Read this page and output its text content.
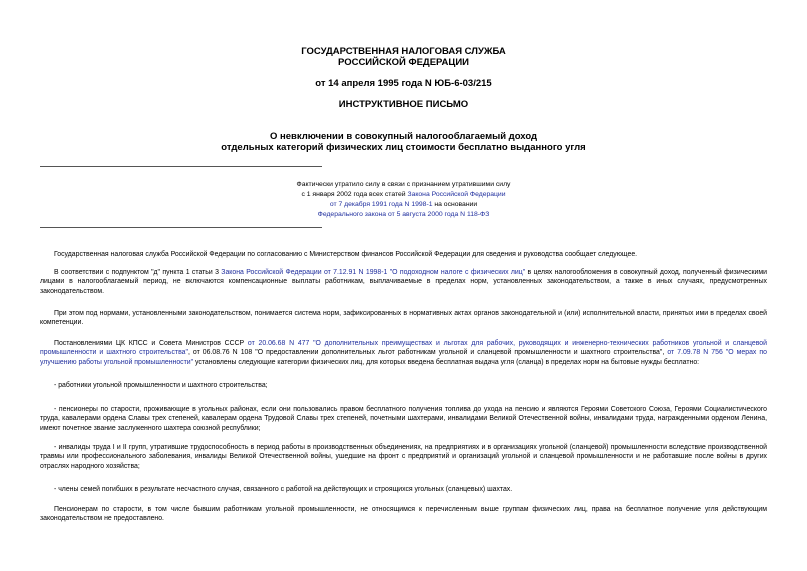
ГОСУДАРСТВЕННАЯ НАЛОГОВАЯ СЛУЖБА
РОССИЙСКОЙ ФЕДЕРАЦИИ
от 14 апреля 1995 года N ЮБ-6-03/215
ИНСТРУКТИВНОЕ ПИСЬМО
О невключении в совокупный налогооблагаемый доход
отдельных категорий физических лиц стоимости бесплатно выданного угля
Фактически утратило силу в связи с признанием утратившими силу
с 1 января 2002 года всех статей Закона Российской Федерации
от 7 декабря 1991 года N 1998-1 на основании
Федерального закона от 5 августа 2000 года N 118-ФЗ

Государственная налоговая служба Российской Федерации по согласованию с Министерством финансов Российской Федерации для сведения и руководства сообщает следующее.

В соответствии с подпунктом "д" пункта 1 статьи 3 Закона Российской Федерации от 7.12.91 N 1998-1 "О подоходном налоге с физических лиц" в целях налогообложения в совокупный доход, полученный физическими лицами в налогооблагаемый период, не включаются компенсационные выплаты работникам, выплачиваемые в пределах норм, установленных законодательством, а также в иных случаях, предусмотренных законодательством.

При этом под нормами, установленными законодательством, понимается система норм, зафиксированных в нормативных актах органов законодательной и (или) исполнительной власти, принятых ими в пределах своей компетенции.

Постановлениями ЦК КПСС и Совета Министров СССР от 20.06.68 N 477 "О дополнительных преимуществах и льготах для рабочих, руководящих и инженерно-технических работников угольной и сланцевой промышленности и шахтного строительства", от 06.08.76 N 108 "О предоставлении дополнительных льгот работникам угольной и сланцевой промышленности и шахтного строительства", от 7.09.78 N 756 "О мерах по улучшению работы угольной промышленности" установлены следующие категории физических лиц, для которых введена бесплатная выдача угля (сланца) в пределах норм на бытовые нужды бесплатно:

- работники угольной промышленности и шахтного строительства;

- пенсионеры по старости, проживающие в угольных районах, если они пользовались правом бесплатного получения топлива до ухода на пенсию и являются Героями Советского Союза, Героями Социалистического труда, кавалерами ордена Славы трех степеней, кавалерам ордена Трудовой Славы трех степеней, почетными шахтерами, инвалидами Великой Отечественной войны, инвалидами труда, награжденными орденом Ленина, имеют почетное звание заслуженного шахтера союзной республики;

- инвалиды труда I и II групп, утратившие трудоспособность в период работы в производственных объединениях, на предприятиях и в организациях угольной (сланцевой) промышленности вследствие производственной травмы или профессионального заболевания, инвалиды Великой Отечественной войны, ушедшие на фронт с предприятий и организаций угольной и сланцевой промышленности и не работавшие после войны в других отраслях народного хозяйства;

- члены семей погибших в результате несчастного случая, связанного с работой на действующих и строящихся угольных (сланцевых) шахтах.

Пенсионерам по старости, в том числе бывшим работникам угольной промышленности, не относящимся к перечисленным выше группам физических лиц, права на бесплатное получение угля действующим законодательством не предоставлено.
